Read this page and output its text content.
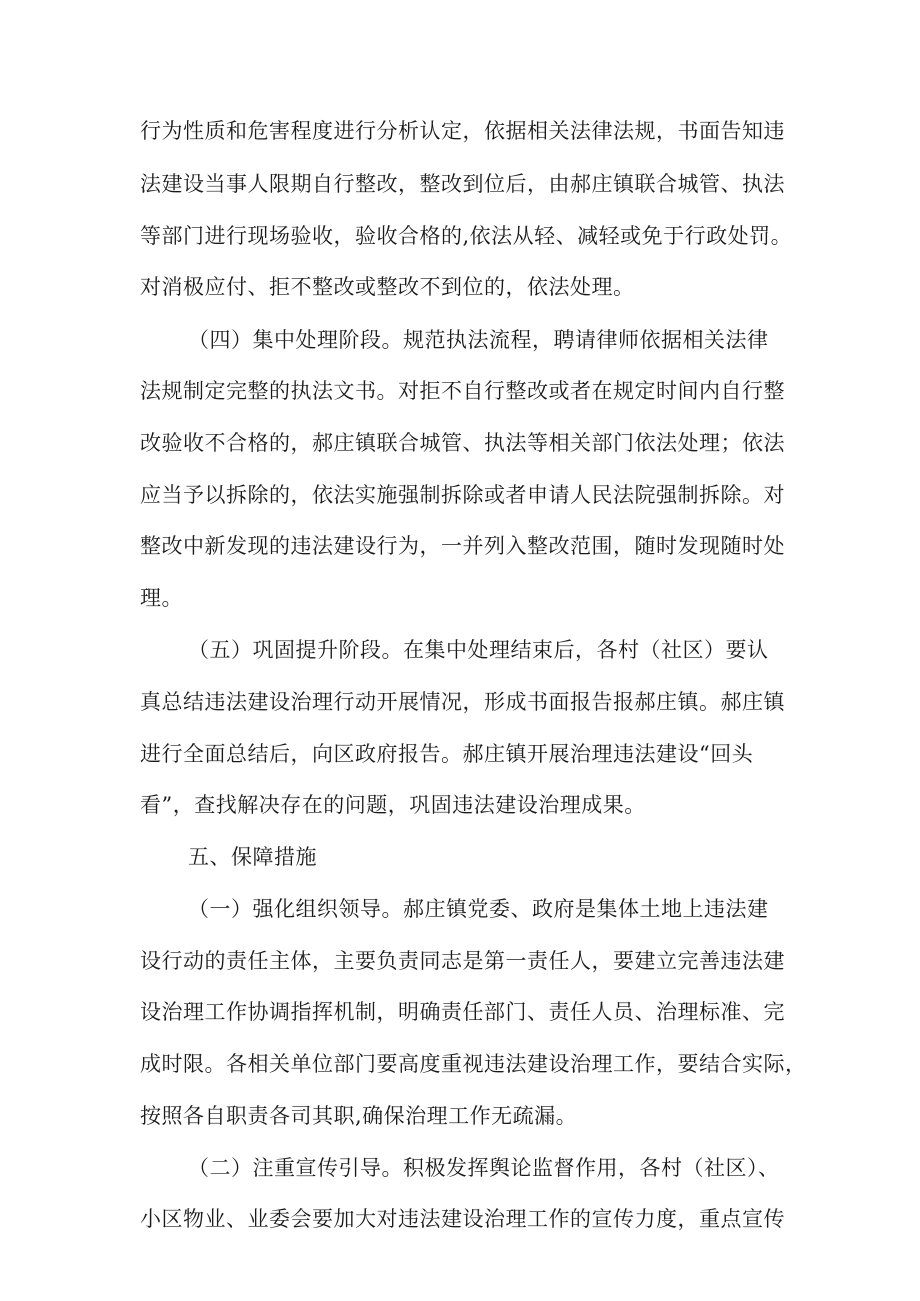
行为性质和危害程度进行分析认定，依据相关法律法规，书面告知违
法建设当事人限期自行整改，整改到位后，由郝庄镇联合城管、执法
等部门进行现场验收，验收合格的,依法从轻、减轻或免于行政处罚。
对消极应付、拒不整改或整改不到位的，依法处理。
（四）集中处理阶段。规范执法流程，聘请律师依据相关法律
法规制定完整的执法文书。对拒不自行整改或者在规定时间内自行整
改验收不合格的，郝庄镇联合城管、执法等相关部门依法处理；依法
应当予以拆除的，依法实施强制拆除或者申请人民法院强制拆除。对
整改中新发现的违法建设行为，一并列入整改范围，随时发现随时处
理。
（五）巩固提升阶段。在集中处理结束后，各村（社区）要认
真总结违法建设治理行动开展情况，形成书面报告报郝庄镇。郝庄镇
进行全面总结后，向区政府报告。郝庄镇开展治理违法建设“回头
看”，查找解决存在的问题，巩固违法建设治理成果。
五、保障措施
（一）强化组织领导。郝庄镇党委、政府是集体土地上违法建
设行动的责任主体，主要负责同志是第一责任人，要建立完善违法建
设治理工作协调指挥机制，明确责任部门、责任人员、治理标准、完
成时限。各相关单位部门要高度重视违法建设治理工作，要结合实际，
按照各自职责各司其职,确保治理工作无疏漏。
（二）注重宣传引导。积极发挥舆论监督作用，各村（社区）、
小区物业、业委会要加大对违法建设治理工作的宣传力度，重点宣传
